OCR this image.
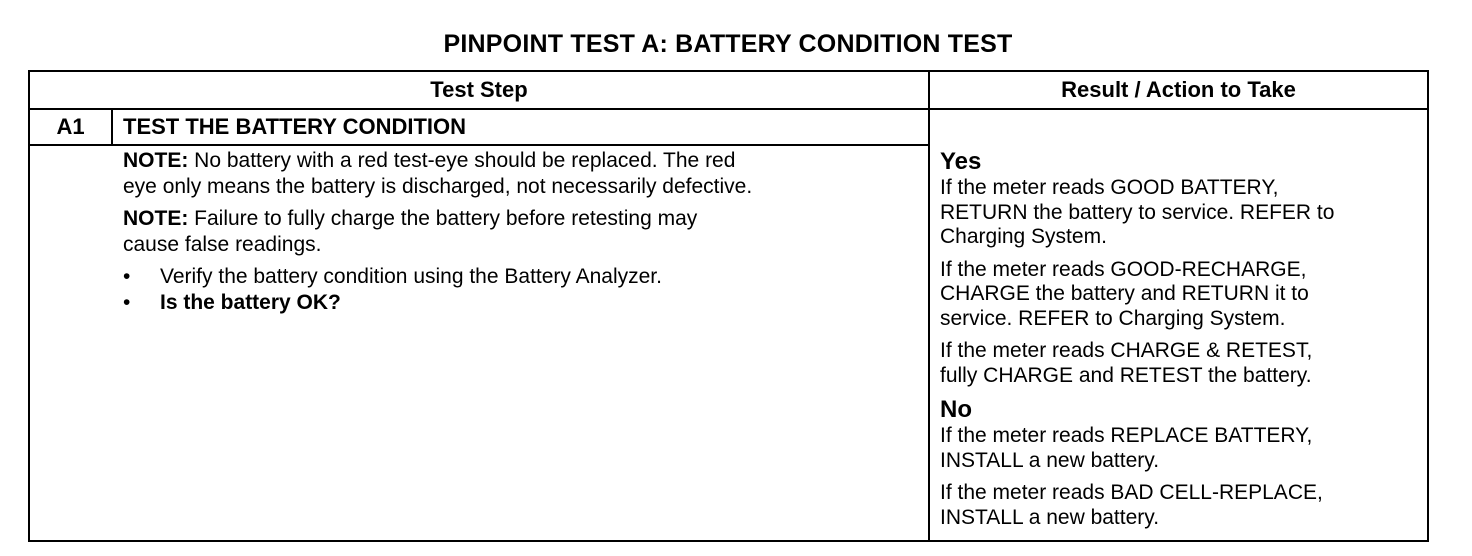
PINPOINT TEST A: BATTERY CONDITION TEST
Test Step	Result / Action to Take
A1	TEST THE BATTERY CONDITION
NOTE: No battery with a red test-eye should be replaced. The red
eye only means the battery is discharged, not necessarily defective.
NOTE: Failure to fully charge the battery before retesting may
cause false readings.
• Verify the battery condition using the Battery Analyzer.
• Is the battery OK?
Yes
If the meter reads GOOD BATTERY,
RETURN the battery to service. REFER to
Charging System.
If the meter reads GOOD-RECHARGE,
CHARGE the battery and RETURN it to
service. REFER to Charging System.
If the meter reads CHARGE & RETEST,
fully CHARGE and RETEST the battery.
No
If the meter reads REPLACE BATTERY,
INSTALL a new battery.
If the meter reads BAD CELL-REPLACE,
INSTALL a new battery.
